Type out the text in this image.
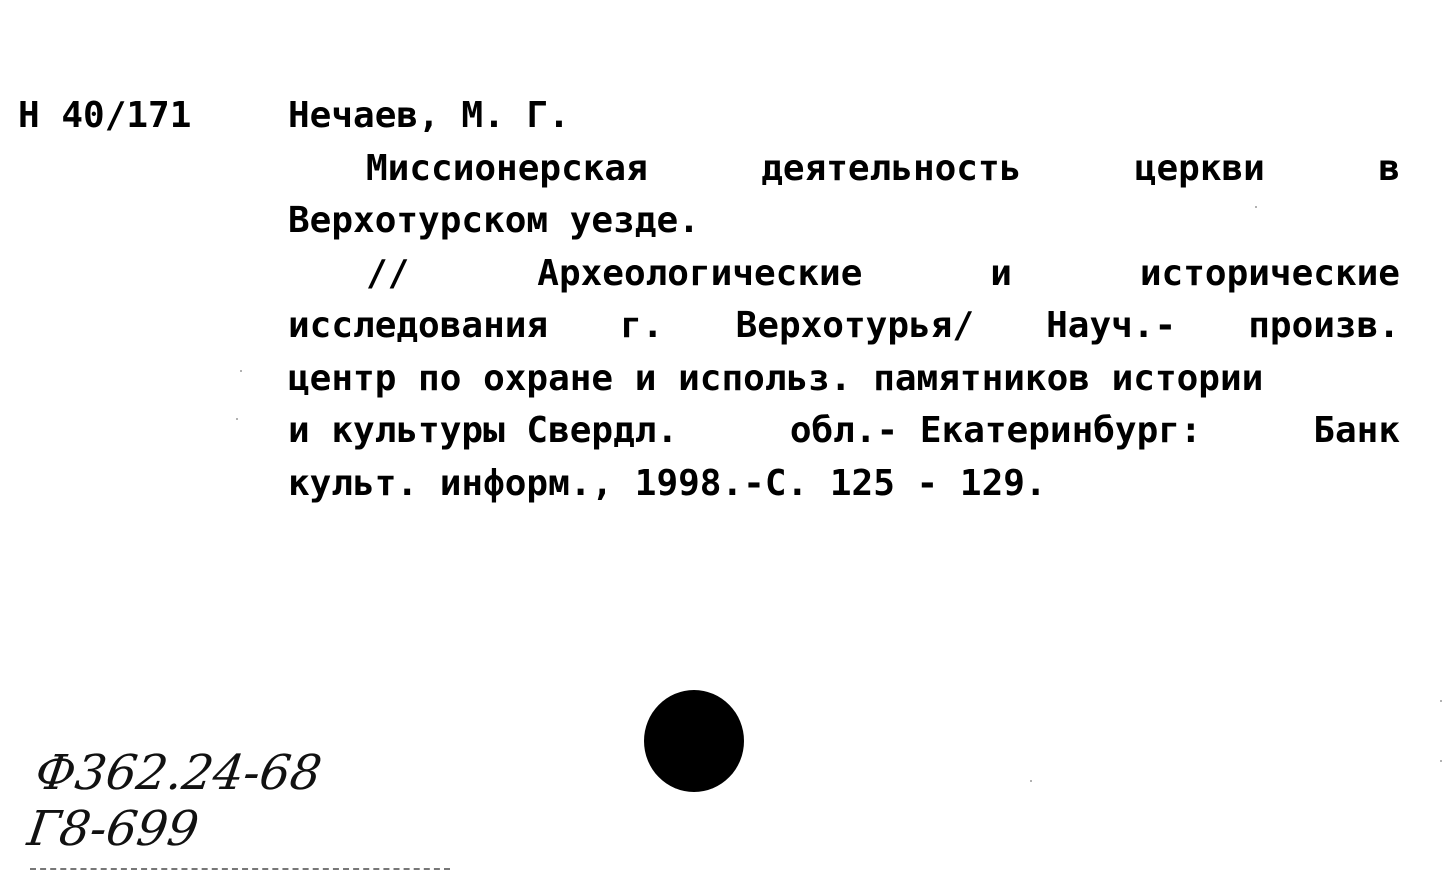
Н 40/171	Нечаев, М. Г.
Миссионерская	деятельность	церкви	в
Верхотурском уезде.
//	Археологические	и	исторические
исследования г. Верхотурья/ Науч.- произв.
центр по охране и использ. памятников истории
и культуры Свердл.	обл.- Екатеринбург:	Банк
культ. информ., 1998.-С. 125 - 129.
Ф362.24-68
Г8-699
